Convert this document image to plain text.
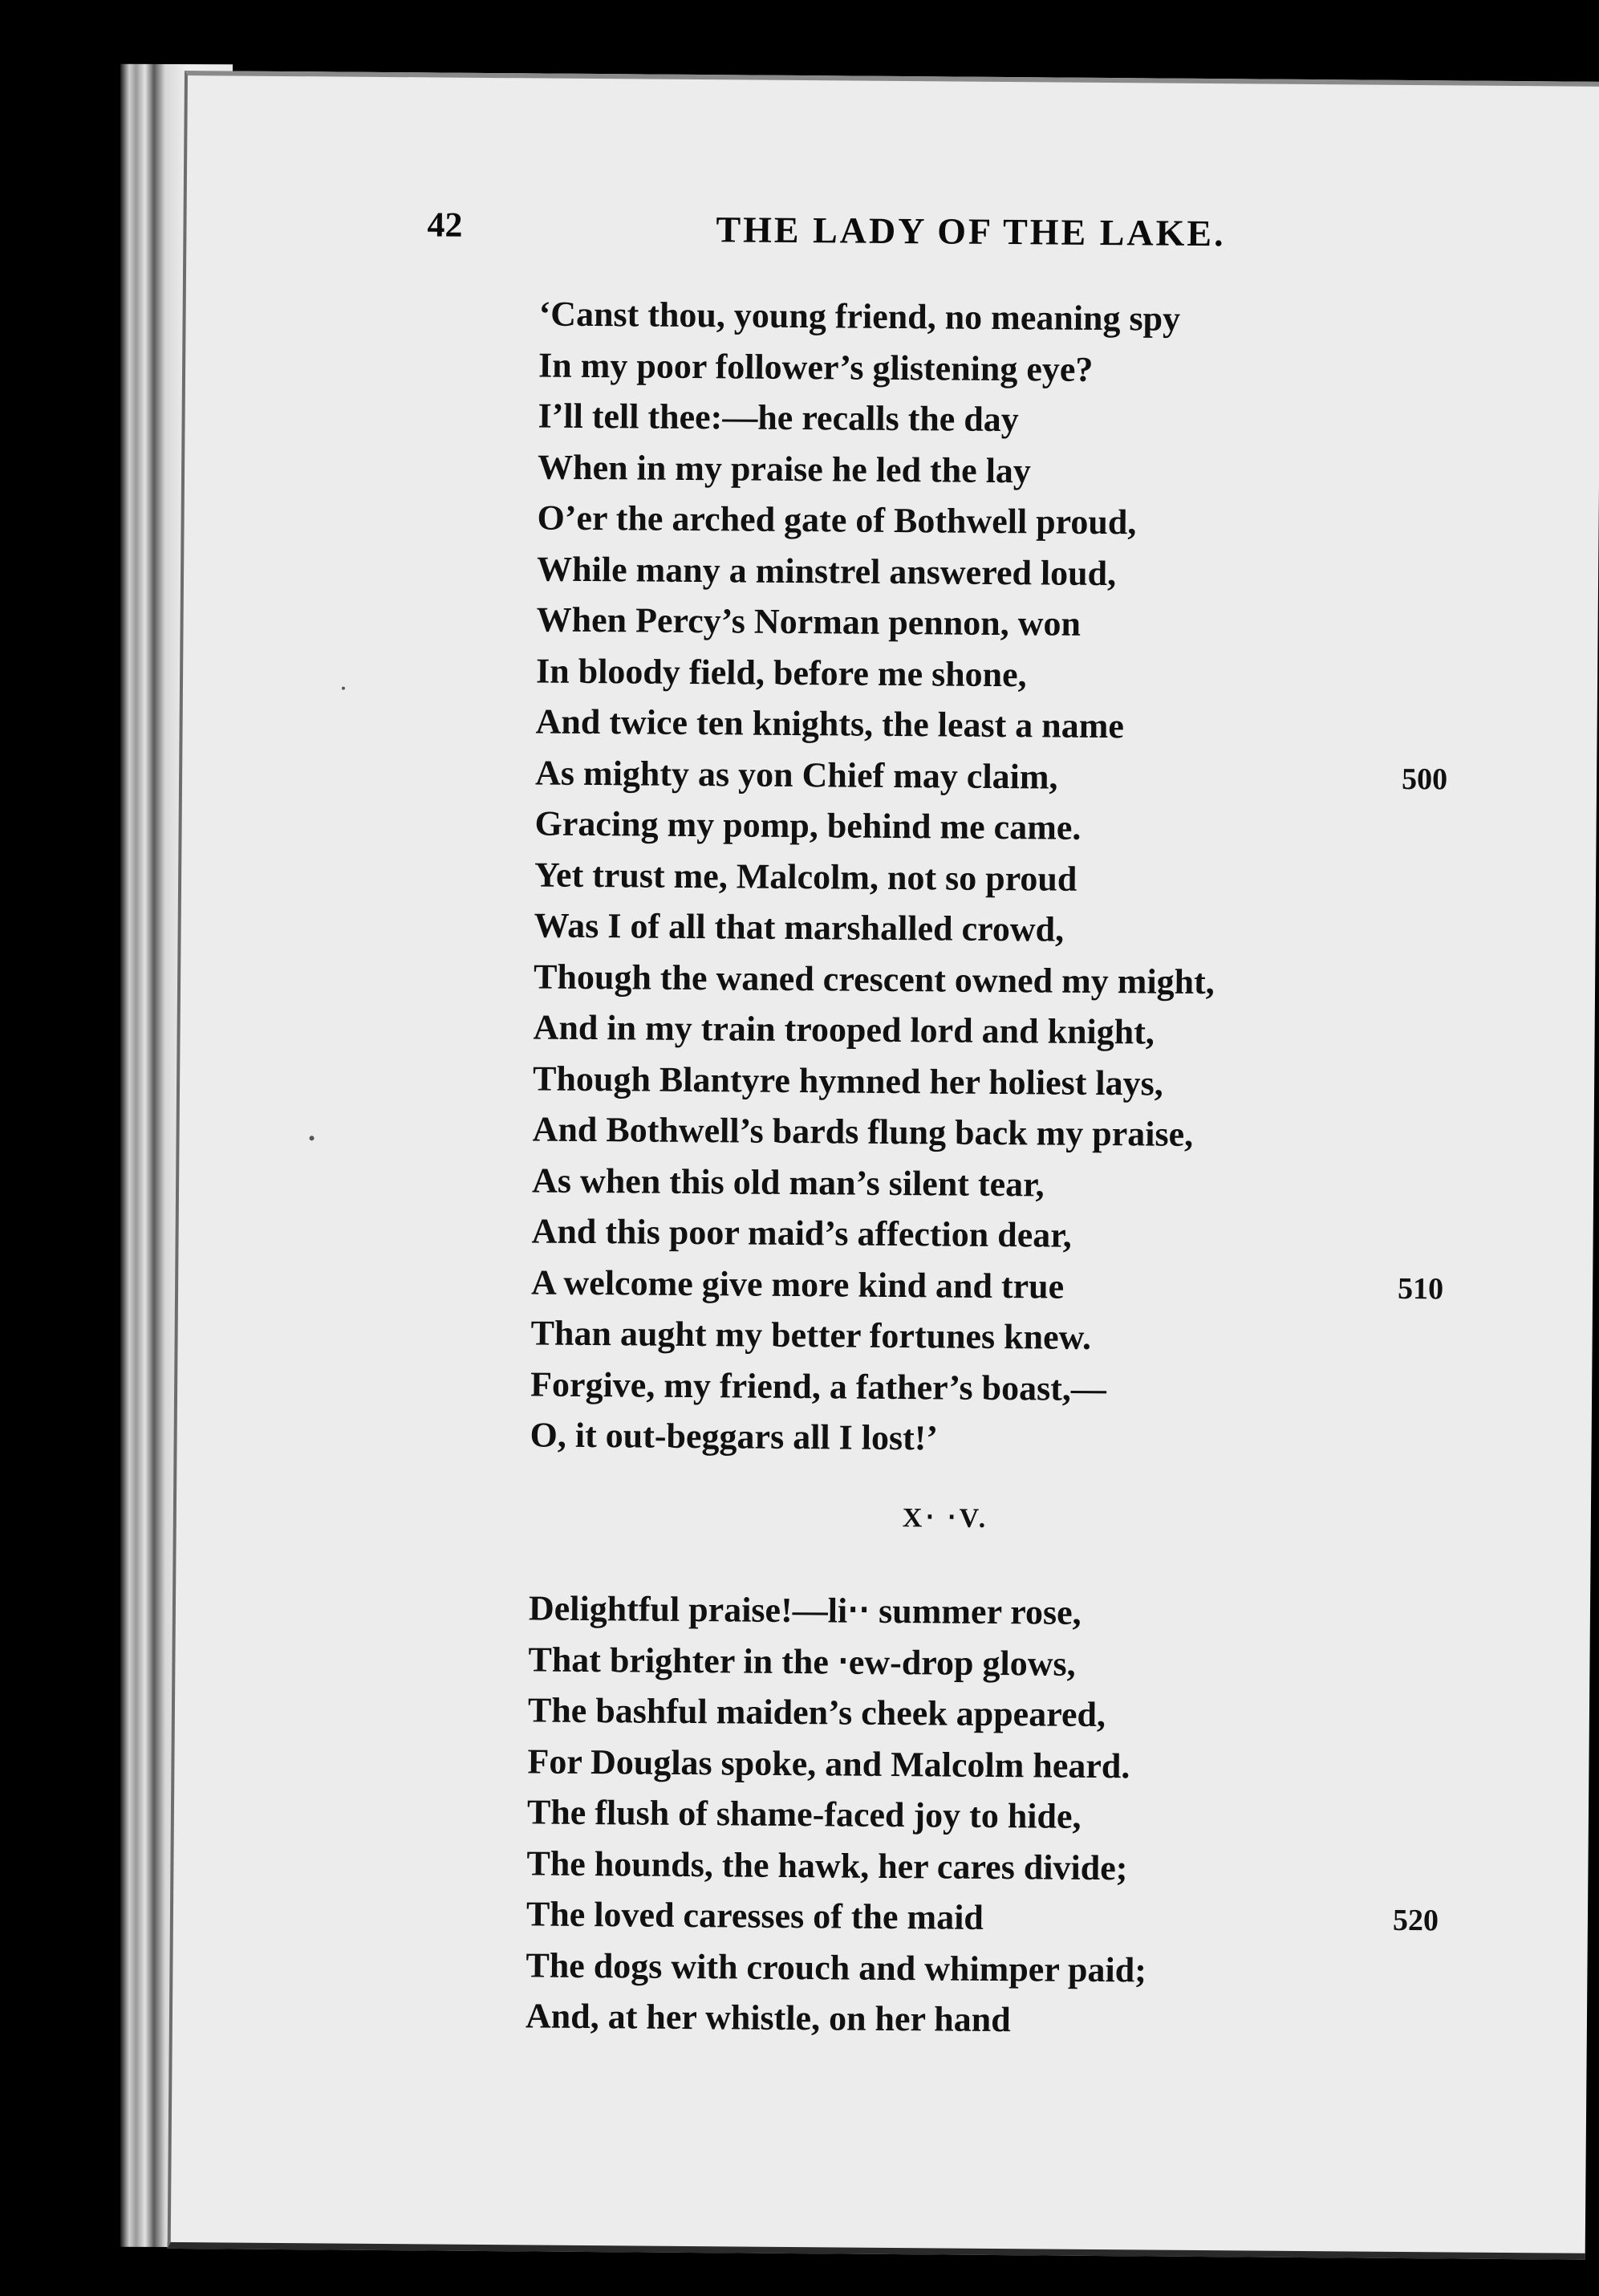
42	THE LADY OF THE LAKE.
‘Canst thou, young friend, no meaning spy
In my poor follower’s glistening eye?
I’ll tell thee:—he recalls the day
When in my praise he led the lay
O’er the arched gate of Bothwell proud,
While many a minstrel answered loud,
When Percy’s Norman pennon, won
In bloody field, before me shone,
And twice ten knights, the least a name
As mighty as yon Chief may claim,	500
Gracing my pomp, behind me came.
Yet trust me, Malcolm, not so proud
Was I of all that marshalled crowd,
Though the waned crescent owned my might,
And in my train trooped lord and knight,
Though Blantyre hymned her holiest lays,
And Bothwell’s bards flung back my praise,
As when this old man’s silent tear,
And this poor maid’s affection dear,
A welcome give more kind and true	510
Than aught my better fortunes knew.
Forgive, my friend, a father’s boast,—
O, it out-beggars all I lost!’
X‧ ‧V.
Delightful praise!—li‧‧ summer rose,
That brighter in the ‧ew-drop glows,
The bashful maiden’s cheek appeared,
For Douglas spoke, and Malcolm heard.
The flush of shame-faced joy to hide,
The hounds, the hawk, her cares divide;
The loved caresses of the maid	520
The dogs with crouch and whimper paid;
And, at her whistle, on her hand
